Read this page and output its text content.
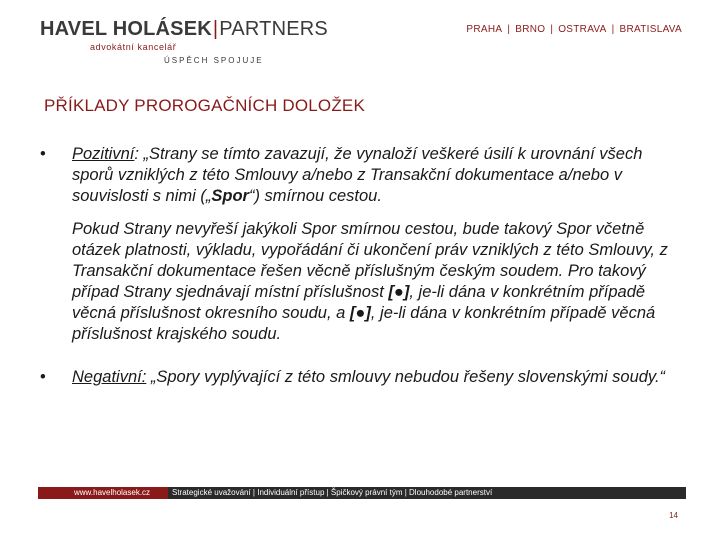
HAVEL HOLÁSEK|PARTNERS
advokátní kancelář
ÚSPĚCH SPOJUJE
PRAHA | BRNO | OSTRAVA | BRATISLAVA
PŘÍKLADY PROROGAČNÍCH DOLOŽEK
• Pozitivní: „Strany se tímto zavazují, že vynaloží veškeré úsilí k urovnání všech sporů vzniklých z této Smlouvy a/nebo z Transakční dokumentace a/nebo v souvislosti s nimi („Spor“) smírnou cestou.

Pokud Strany nevyřeší jakýkoli Spor smírnou cestou, bude takový Spor včetně otázek platnosti, výkladu, vypořádání či ukončení práv vzniklých z této Smlouvy, z Transakční dokumentace řešen věcně příslušným českým soudem. Pro takový případ Strany sjednávají místní příslušnost [●], je-li dána v konkrétním případě věcná příslušnost okresního soudu, a [●], je-li dána v konkrétním případě věcná příslušnost krajského soudu.

• Negativní: „Spory vyplývající z této smlouvy nebudou řešeny slovenskými soudy.“

www.havelholasek.cz	Strategické uvažování | Individuální přístup | Špičkový právní tým | Dlouhodobé partnerství
14
